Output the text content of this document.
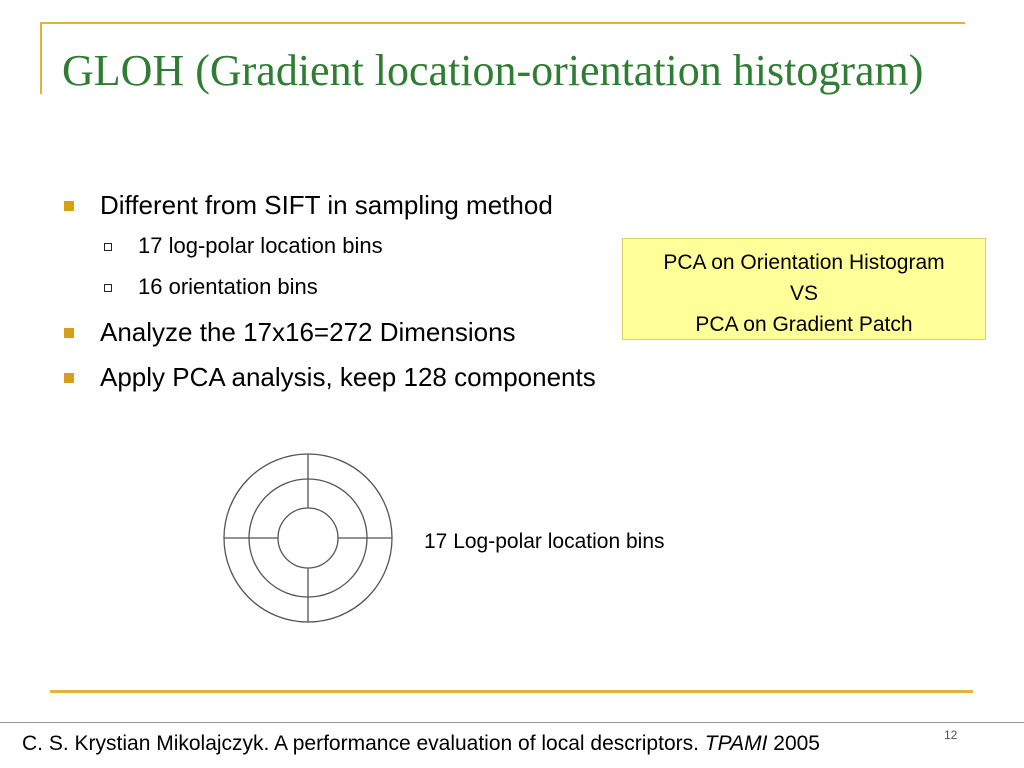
GLOH (Gradient location-orientation histogram)
Different from SIFT in sampling method
17 log-polar location bins
16 orientation bins
Analyze the 17x16=272 Dimensions
Apply PCA analysis, keep 128 components
PCA on Orientation Histogram
VS
PCA on Gradient Patch
17 Log-polar location bins
C. S. Krystian Mikolajczyk. A performance evaluation of local descriptors. TPAMI 2005	12
